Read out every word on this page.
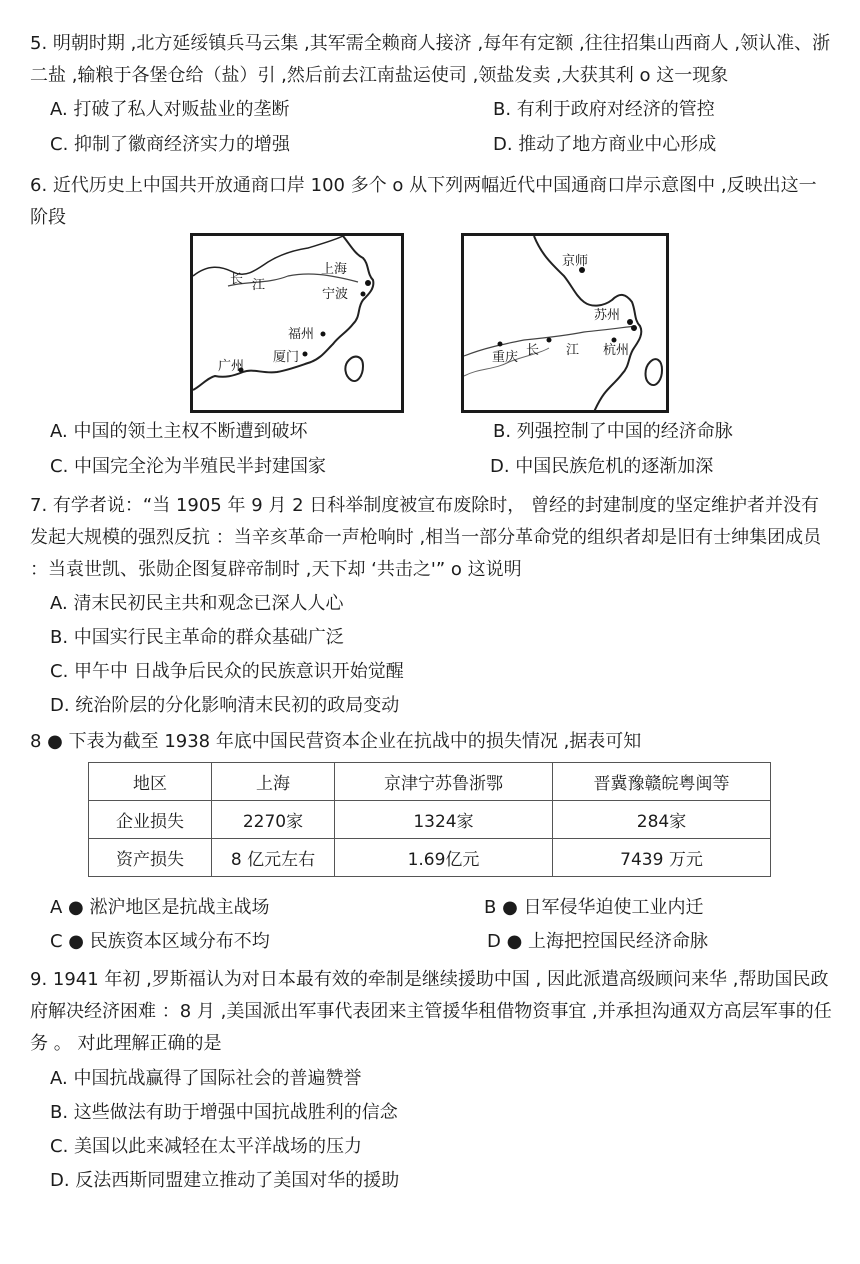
5. 明朝时期 ,北方延绥镇兵马云集 ,其军需全赖商人接济 ,每年有定额 ,往往招集山西商人 ,领认准、浙二盐 ,输粮于各堡仓给（盐）引 ,然后前去江南盐运使司 ,领盐发卖 ,大获其利 o 这一现象

A. 打破了私人对贩盐业的垄断	B. 有利于政府对经济的管控

C. 抑制了徽商经济实力的增强	D. 推动了地方商业中心形成

6. 近代历史上中国共开放通商口岸 100 多个 o 从下列两幅近代中国通商口岸示意图中 ,反映出这一 阶段

长 江
上海
宁波
福州
厦门
广州
京师
苏州
重庆 长 江 杭州

A. 中国的领土主权不断遭到破坏	B. 列强控制了中国的经济命脉

C. 中国完全沦为半殖民半封建国家	D. 中国民族危机的逐渐加深

7. 有学者说：“当 1905 年 9 月 2 日科举制度被宣布废除时， 曾经的封建制度的坚定维护者并没有发起大规模的强烈反抗 ：当辛亥革命一声枪响时 ,相当一部分革命党的组织者却是旧有士绅集团成员 ：当袁世凯、张勋企图复辟帝制时 ,天下却 ‘共击之'” o 这说明

A. 清末民初民主共和观念已深人人心

B. 中国实行民主革命的群众基础广泛

C. 甲午中 日战争后民众的民族意识开始觉醒

D. 统治阶层的分化影响清末民初的政局变动

8 ● 下表为截至 1938 年底中国民营资本企业在抗战中的损失情况 ,据表可知

地区	上海	京津宁苏鲁浙鄂	晋冀豫赣皖粤闽等
企业损失	2270家	1324家	284家
资产损失	8 亿元左右	1.69亿元	7439 万元

A ● 淞沪地区是抗战主战场	B ● 日军侵华迫使工业内迁

C ● 民族资本区域分布不均	D ● 上海把控国民经济命脉

9. 1941 年初 ,罗斯福认为对日本最有效的牵制是继续援助中国 , 因此派遣高级顾问来华 ,帮助国民政府解决经济困难 ：8 月 ,美国派出军事代表团来主管援华租借物资事宜 ,并承担沟通双方高层军事的任务 。 对此理解正确的是

A. 中国抗战赢得了国际社会的普遍赞誉

B. 这些做法有助于增强中国抗战胜利的信念

C. 美国以此来减轻在太平洋战场的压力

D. 反法西斯同盟建立推动了美国对华的援助
